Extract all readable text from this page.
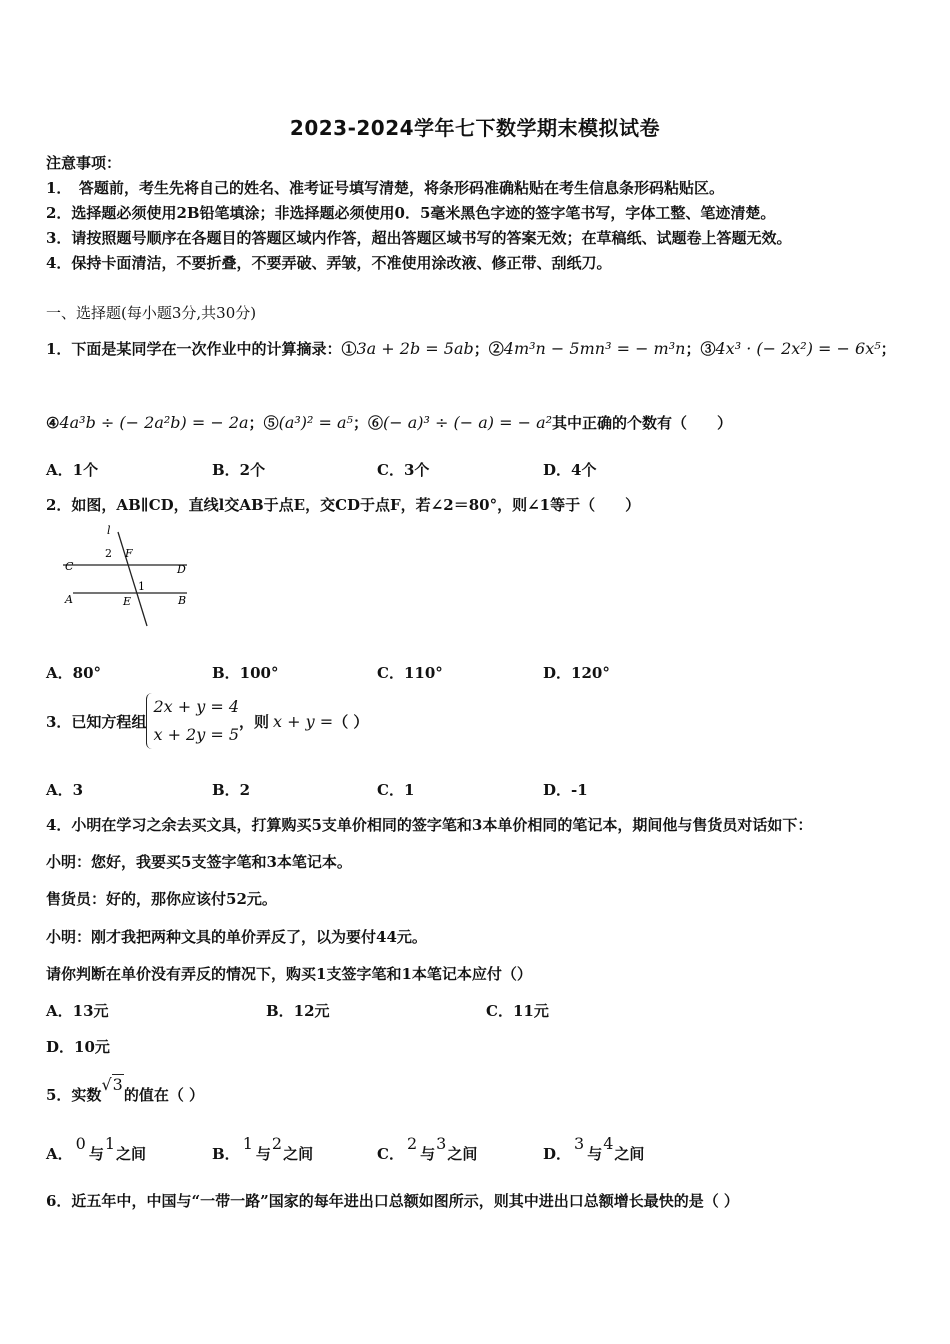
2023-2024学年七下数学期末模拟试卷
注意事项：
1．　答题前，考生先将自己的姓名、准考证号填写清楚，将条形码准确粘贴在考生信息条形码粘贴区。
2．选择题必须使用2B铅笔填涂；非选择题必须使用0．5毫米黑色字迹的签字笔书写，字体工整、笔迹清楚。
3．请按照题号顺序在各题目的答题区域内作答，超出答题区域书写的答案无效；在草稿纸、试题卷上答题无效。
4．保持卡面清洁，不要折叠，不要弄破、弄皱，不准使用涂改液、修正带、刮纸刀。
一、选择题(每小题3分,共30分)
1．下面是某同学在一次作业中的计算摘录：①3a + 2b = 5ab；②4m³n − 5mn³ = − m³n；③4x³ · (− 2x²) = − 6x⁵；
④4a³b ÷ (− 2a²b) = − 2a；⑤(a³)² = a⁵；⑥(− a)³ ÷ (− a) = − a²其中正确的个数有（　　）
A．1个	B．2个	C．3个	D．4个
2．如图，AB∥CD，直线l交AB于点E，交CD于点F，若∠2＝80°，则∠1等于（　　）
l
2 F
C	D
1
A	E	B
A．80°	B．100°	C．110°	D．120°
3．已知方程组
2x + y = 4
x + 2y = 5
，则 x + y = （ ）
A．3	B．2	C．1	D．-1
4．小明在学习之余去买文具，打算购买5支单价相同的签字笔和3本单价相同的笔记本，期间他与售货员对话如下：
小明：您好，我要买5支签字笔和3本笔记本。
售货员：好的，那你应该付52元。
小明：刚才我把两种文具的单价弄反了，以为要付44元。
请你判断在单价没有弄反的情况下，购买1支签字笔和1本笔记本应付（）
A．13元	B．12元	C．11元
D．10元
5．实数√3的值在（ ）
A．0与1之间	B．1与2之间	C．2与3之间	D．3与4之间
6．近五年中，中国与“一带一路”国家的每年进出口总额如图所示，则其中进出口总额增长最快的是（ ）
